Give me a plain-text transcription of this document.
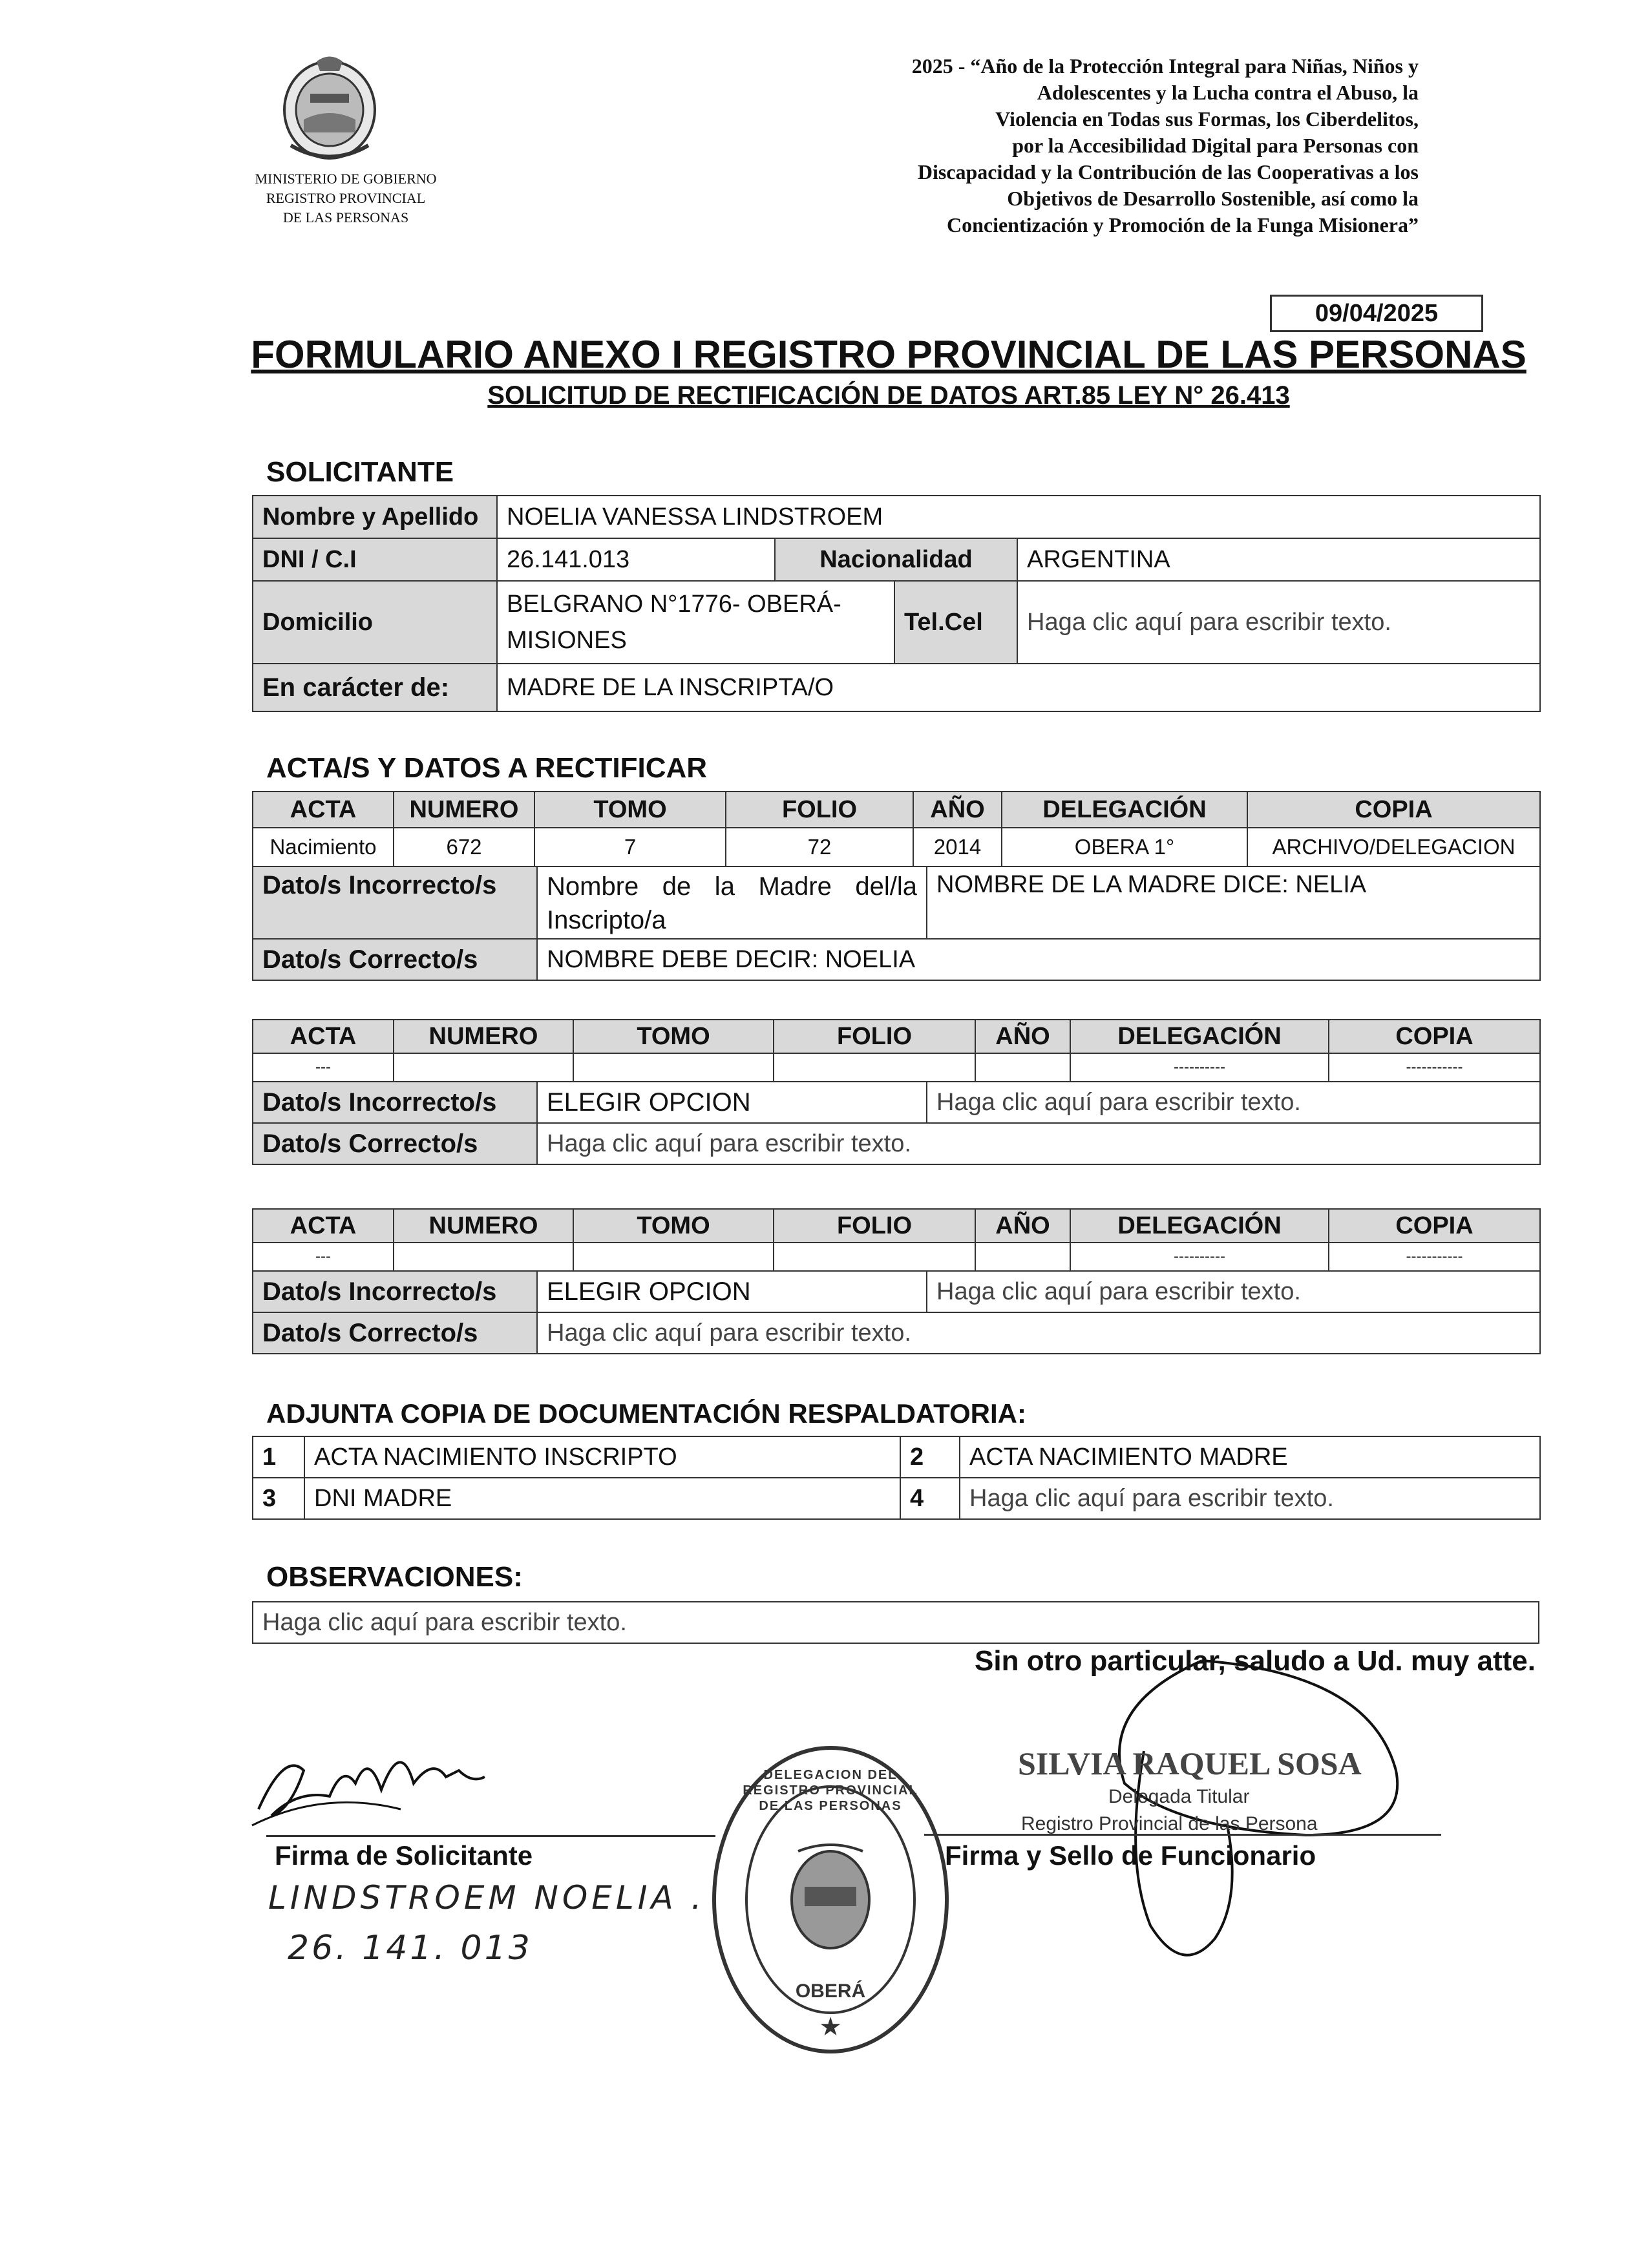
MINISTERIO DE GOBIERNO
REGISTRO PROVINCIAL
DE LAS PERSONAS
2025 - “Año de la Protección Integral para Niñas, Niños y
Adolescentes y la Lucha contra el Abuso, la
Violencia en Todas sus Formas, los Ciberdelitos,
por la Accesibilidad Digital para Personas con
Discapacidad y la Contribución de las Cooperativas a los
Objetivos de Desarrollo Sostenible, así como la
Concientización y Promoción de la Funga Misionera”
09/04/2025
FORMULARIO ANEXO I REGISTRO PROVINCIAL DE LAS PERSONAS
SOLICITUD DE RECTIFICACIÓN DE DATOS ART.85 LEY N° 26.413
SOLICITANTE
Nombre y Apellido	NOELIA VANESSA LINDSTROEM			
DNI / C.I	26.141.013	Nacionalidad		ARGENTINA
Domicilio	BELGRANO N°1776- OBERÁ-
MISIONES		Tel.Cel	Haga clic aquí para escribir texto.
En carácter de:	MADRE DE LA INSCRIPTA/O			
ACTA/S Y DATOS A RECTIFICAR
ACTA	NUMERO	TOMO	FOLIO	AÑO	DELEGACIÓN	COPIA
Nacimiento	672	7	72	2014	OBERA 1°	ARCHIVO/DELEGACION
Dato/s Incorrecto/s	Nombre de la Madre del/la
Inscripto/a	NOMBRE DE LA MADRE DICE: NELIA
Dato/s Correcto/s	NOMBRE DEBE DECIR: NOELIA	
ACTA	NUMERO	TOMO	FOLIO	AÑO	DELEGACIÓN	COPIA
---					----------	-----------
Dato/s Incorrecto/s	ELEGIR OPCION	Haga clic aquí para escribir texto.
Dato/s Correcto/s	Haga clic aquí para escribir texto.	
ACTA	NUMERO	TOMO	FOLIO	AÑO	DELEGACIÓN	COPIA
---					----------	-----------
Dato/s Incorrecto/s	ELEGIR OPCION	Haga clic aquí para escribir texto.
Dato/s Correcto/s	Haga clic aquí para escribir texto.	
ADJUNTA COPIA DE DOCUMENTACIÓN RESPALDATORIA:
1	ACTA NACIMIENTO INSCRIPTO	2	ACTA NACIMIENTO MADRE
3	DNI MADRE	4	Haga clic aquí para escribir texto.
OBSERVACIONES:
Haga clic aquí para escribir texto.
Sin otro particular, saludo a Ud. muy atte.
Firma de Solicitante
LINDSTROEM NOELIA .
26. 141. 013
★
DELEGACION DEL REGISTRO PROVINCIAL DE LAS PERSONAS
OBERÁ
SILVIA RAQUEL SOSA
Delegada Titular
Registro Provincial de las Persona
Firma y Sello de Funcionario
